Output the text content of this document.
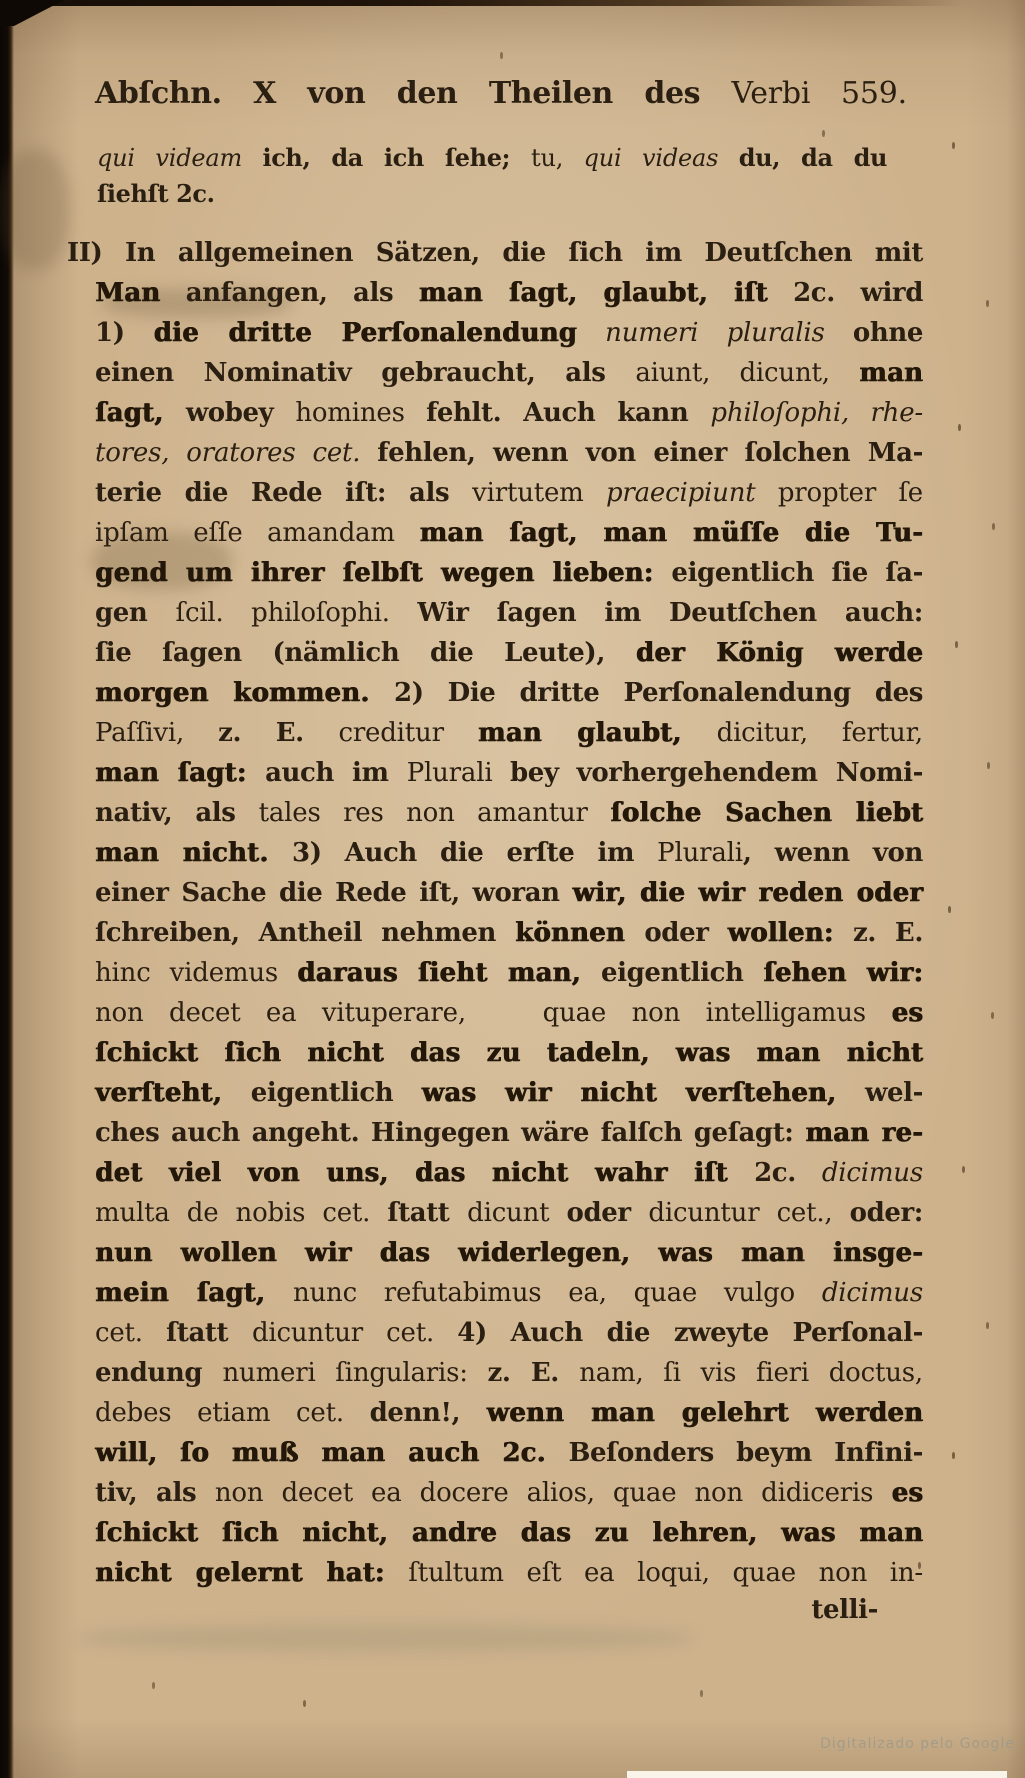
Abſchn. X von den Theilen des Verbi 559.
qui videam ich, da ich ſehe; tu, qui videas du, da du
ſiehſt 2c.
II) In allgemeinen Sätzen, die ſich im Deutſchen mit
Man anfangen, als man ſagt, glaubt, iſt 2c. wird
1) die dritte Perſonalendung numeri pluralis ohne
einen Nominativ gebraucht, als aiunt, dicunt, man
ſagt, wobey homines fehlt. Auch kann philoſophi, rhe-
tores, oratores cet. fehlen, wenn von einer ſolchen Ma-
terie die Rede iſt: als virtutem praecipiunt propter ſe
ipſam eſſe amandam man ſagt, man müſſe die Tu-
gend um ihrer ſelbſt wegen lieben: eigentlich ſie ſa-
gen ſcil. philoſophi. Wir ſagen im Deutſchen auch:
ſie ſagen (nämlich die Leute), der König werde
morgen kommen. 2) Die dritte Perſonalendung des
Paſſivi, z. E. creditur man glaubt, dicitur, fertur,
man ſagt: auch im Plurali bey vorhergehendem Nomi-
nativ, als tales res non amantur ſolche Sachen liebt
man nicht. 3) Auch die erſte im Plurali, wenn von
einer Sache die Rede iſt, woran wir, die wir reden oder
ſchreiben, Antheil nehmen können oder wollen: z. E.
hinc videmus daraus ſieht man, eigentlich ſehen wir:
non decet ea vituperare,   quae non intelligamus es
ſchickt ſich nicht das zu tadeln, was man nicht
verſteht, eigentlich was wir nicht verſtehen, wel-
ches auch angeht. Hingegen wäre falſch geſagt: man re-
det viel von uns, das nicht wahr iſt 2c. dicimus
multa de nobis cet. ſtatt dicunt oder dicuntur cet., oder:
nun wollen wir das widerlegen, was man insge-
mein ſagt, nunc refutabimus ea, quae vulgo dicimus
cet. ſtatt dicuntur cet. 4) Auch die zweyte Perſonal-
endung numeri ſingularis: z. E. nam, ſi vis fieri doctus,
debes etiam cet. denn!, wenn man gelehrt werden
will, ſo muß man auch 2c. Beſonders beym Infini-
tiv, als non decet ea docere alios, quae non didiceris es
ſchickt ſich nicht, andre das zu lehren, was man
nicht gelernt hat: ſtultum eſt ea loqui, quae non in-
telli-
Digitalizado pelo Google
